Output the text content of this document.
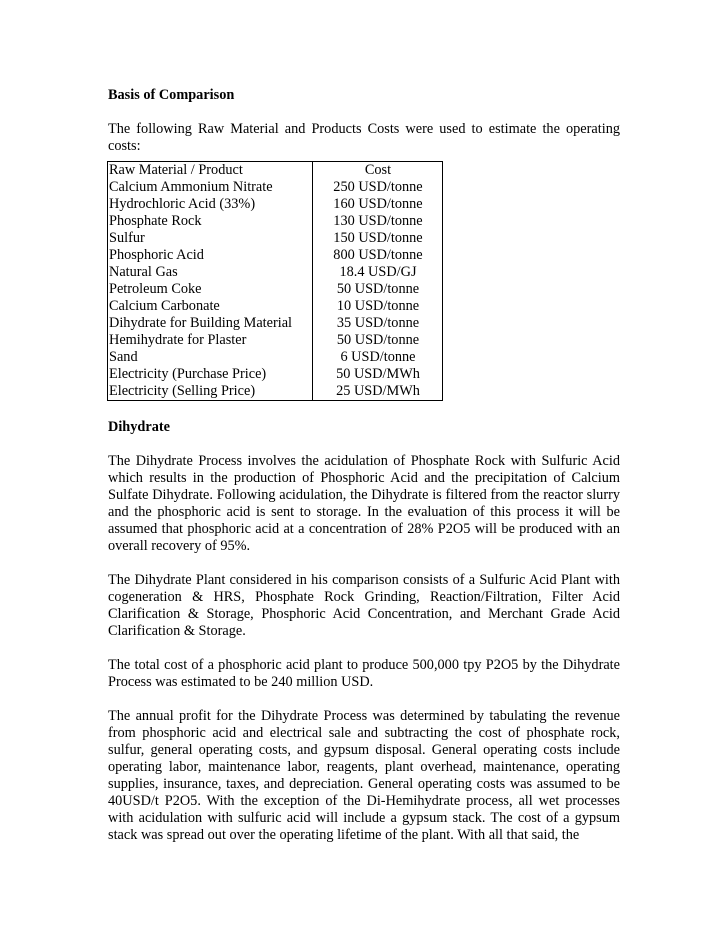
Basis of Comparison

The following Raw Material and Products Costs were used to estimate the operating costs:

Raw Material / Product	Cost
Calcium Ammonium Nitrate	250 USD/tonne
Hydrochloric Acid (33%)	160 USD/tonne
Phosphate Rock	130 USD/tonne
Sulfur	150 USD/tonne
Phosphoric Acid	800 USD/tonne
Natural Gas	18.4 USD/GJ
Petroleum Coke	50 USD/tonne
Calcium Carbonate	10 USD/tonne
Dihydrate for Building Material	35 USD/tonne
Hemihydrate for Plaster	50 USD/tonne
Sand	6 USD/tonne
Electricity (Purchase Price)	50 USD/MWh
Electricity (Selling Price)	25 USD/MWh
Dihydrate

The Dihydrate Process involves the acidulation of Phosphate Rock with Sulfuric Acid which results in the production of Phosphoric Acid and the precipitation of Calcium Sulfate Dihydrate. Following acidulation, the Dihydrate is filtered from the reactor slurry and the phosphoric acid is sent to storage. In the evaluation of this process it will be assumed that phosphoric acid at a concentration of 28% P2O5 will be produced with an overall recovery of 95%.

The Dihydrate Plant considered in his comparison consists of a Sulfuric Acid Plant with cogeneration & HRS, Phosphate Rock Grinding, Reaction/Filtration, Filter Acid Clarification & Storage, Phosphoric Acid Concentration, and Merchant Grade Acid Clarification & Storage.

The total cost of a phosphoric acid plant to produce 500,000 tpy P2O5 by the Dihydrate Process was estimated to be 240 million USD.

The annual profit for the Dihydrate Process was determined by tabulating the revenue from phosphoric acid and electrical sale and subtracting the cost of phosphate rock, sulfur, general operating costs, and gypsum disposal. General operating costs include operating labor, maintenance labor, reagents, plant overhead, maintenance, operating supplies, insurance, taxes, and depreciation. General operating costs was assumed to be 40USD/t P2O5. With the exception of the Di-Hemihydrate process, all wet processes with acidulation with sulfuric acid will include a gypsum stack. The cost of a gypsum stack was spread out over the operating lifetime of the plant. With all that said, the
